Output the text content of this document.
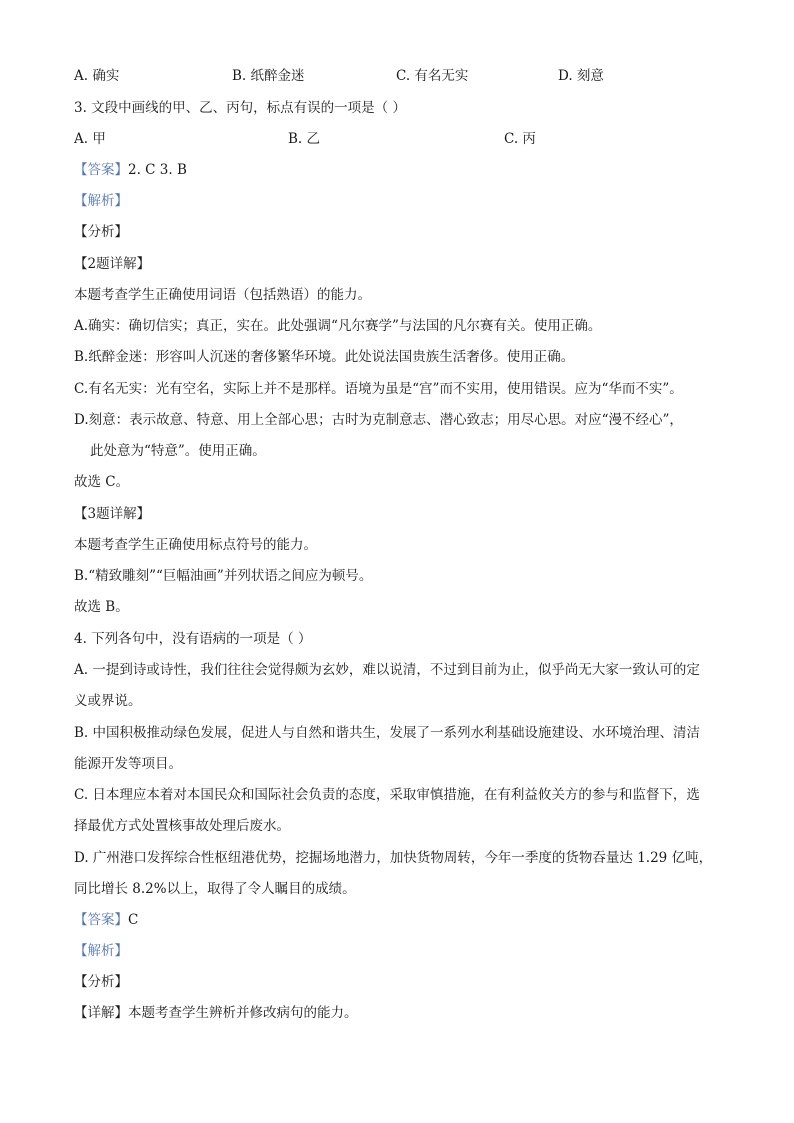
A. 确实	B. 纸醉金迷	C. 有名无实	D. 刻意
3. 文段中画线的甲、乙、丙句，标点有误的一项是（ ）
A. 甲	B. 乙	C. 丙
【答案】2. C 3. B
【解析】
【分析】
【2题详解】
本题考查学生正确使用词语（包括熟语）的能力。
A.确实：确切信实；真正，实在。此处强调“凡尔赛学”与法国的凡尔赛有关。使用正确。
B.纸醉金迷：形容叫人沉迷的奢侈繁华环境。此处说法国贵族生活奢侈。使用正确。
C.有名无实：光有空名，实际上并不是那样。语境为虽是“宫”而不实用，使用错误。应为“华而不实”。
D.刻意：表示故意、特意、用上全部心思；古时为克制意志、潜心致志；用尽心思。对应“漫不经心”，
此处意为“特意”。使用正确。
故选 C。
【3题详解】
本题考查学生正确使用标点符号的能力。
B.“精致雕刻”“巨幅油画”并列状语之间应为顿号。
故选 B。
4. 下列各句中，没有语病的一项是（ ）
A. 一提到诗或诗性，我们往往会觉得颇为玄妙，难以说清，不过到目前为止，似乎尚无大家一致认可的定
义或界说。
B. 中国积极推动绿色发展，促进人与自然和谐共生，发展了一系列水利基础设施建设、水环境治理、清洁
能源开发等项目。
C. 日本理应本着对本国民众和国际社会负责的态度，采取审慎措施，在有利益攸关方的参与和监督下，选
择最优方式处置核事故处理后废水。
D. 广州港口发挥综合性枢纽港优势，挖掘场地潜力，加快货物周转，今年一季度的货物吞量达 1.29 亿吨，
同比增长 8.2%以上，取得了令人瞩目的成绩。
【答案】C
【解析】
【分析】
【详解】本题考查学生辨析并修改病句的能力。
